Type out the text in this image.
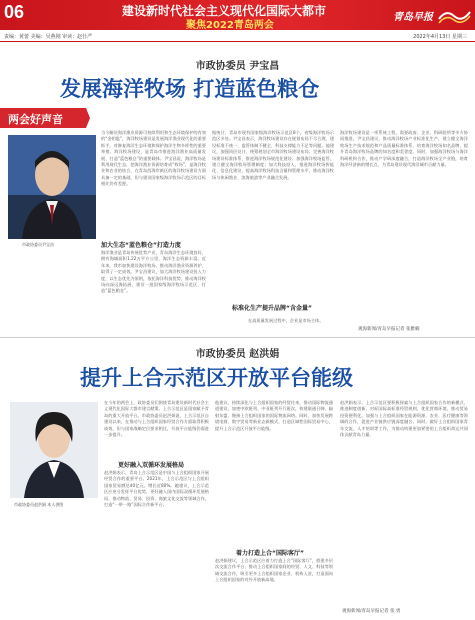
06	建设新时代社会主义现代化国际大都市
聚焦2022青岛两会
青岛早报
责编：黄蕾 美编：吴燕刚 审读：赵仕严	2022年4月13日 星期三
市政协委员 尹宝昌
发展海洋牧场 打造蓝色粮仓
两会好声音
市政协委员尹宝昌
当今解决海洋渔业资源可持续利用和生态环境保护的有效的“金钥匙”，海洋牧场建设是发展海洋渔业现代化的重要抓手，对修复海洋生态环境和保护海洋生物多样性的重要举措。海洋牧场建设，是青岛市推进海洋渔业高质量发展、打造“蓝色粮仓”的重要载体。尹宝昌说，海洋牧场是利用现代生态，把海洋渔业资源培育成“牧场”，是海洋牧业和农业的结合，在青岛西海岸新区的海洋牧场建设方面具备一定的基础，但与建设国家级海洋牧场示范区的目标相比仍有差距。
加大生态“蓝色粮仓”打造力度
海洋渔业是青岛传统优势产业，青岛海洋生态环境良好，拥有海域面积1.22万平方公里，海洋生态资源丰富。近年来，我市加快建设海洋牧场，推动海洋渔业资源养护，取得了一定成效。尹宝昌建议，加大海洋牧场建设投入力度，以生态优先为原则，依托海洋科技优势，推动海洋牧场向深远海拓展，建设一批国家级海洋牧场示范区，打造“蓝色粮仓”。
据统计，青岛市现有国家级海洋牧场示范区8个，省级海洋牧场示范区多处。尹宝昌表示，海洋牧场建设存在规划布局不尽合理、建设标准不统一、监管体制不健全、科技支撑能力不足等问题。他建议，加强顶层设计，统筹规划全市海洋牧场建设布局；完善海洋牧场建设标准体系，推进海洋牧场规范化建设；加强海洋牧场监管，建立健全海洋牧场管理制度；加大科技投入，推进海洋牧场智能化、信息化建设，提高海洋牧场科技含量和管理水平，推动海洋牧场与休闲渔业、滨海旅游等产业融合发展。
标准化生产提升品牌“含金量”
在高质量发展过程中，企业是市场主体。
海洋牧场建设是一项系统工程，需要政府、企业、科研院所等多方协同推进。尹宝昌建议，推动海洋牧场产业标准化生产，建立健全海洋牧场生产技术规范和产品质量标准体系，培育海洋牧场知名品牌，提升青岛海洋牧场品牌的知名度和美誉度。同时，加强海洋牧场与海洋科研机构合作，推动产学研深度融合，打造海洋牧场全产业链，培育海洋经济新的增长点，为青岛建设现代海洋城市贡献力量。
观海新闻/青岛早报记者 张雅楠
市政协委员 赵洪娟
提升上合示范区开放平台能级
市政协委员赵洪娟 本人供图
在今年的两会上，政协委员们围绕青岛建设新时代社会主义现代化国际大都市建言献策。上合示范区是国家赋予青岛的重大开放平台。市政协委员赵洪娟说，上合示范区自建设以来，在推动与上合组织国家经贸合作方面取得积极成效，但与国家战略定位要求相比，开放平台能级仍需进一步提升。
更好融入双循环发展格局
赵洪娟表示，青岛上合示范区是中国与上合组织国家开展经贸合作的重要平台。2021年，上合示范区与上合组织国家贸易额达40亿元，增长近80%。她建议，上合示范区应充分发挥平台优势，更好融入国内国际双循环发展格局，推动物流、贸易、投资、商旅文化交流等领域合作，打造“一带一路”国际合作新平台。
他建议，持续深化与上合组织国家的经贸往来，推动国际物流通道建设，加密中欧班列、中亚班列开行班次，构建联通日韩、辐射东盟、链接上合组织国家的国际物流网络。同时，加快发展跨境电商、数字贸易等新业态新模式，打造区域性国际贸易中心，提升上合示范区开放平台能级。
着力打造上合“国际客厅”
赵洪娟建议，上合示范区应着力打造上合“国际客厅”，搭建多层次交流合作平台，推动上合组织国家间的经贸、人文、科技等领域交流合作，吸引更多上合组织国家企业、机构入驻，打造面向上合组织国家的对外开放新高地。
赵洪娟表示，上合示范区要积极探索与上合组织国家合作的新模式，推进制度创新，对标国际高标准经贸规则，优化营商环境，推动贸易投资便利化。加强与上合组织国家在能源资源、农业、医疗健康等领域的合作，促进产业链供应链深度融合。同时，做好上合组织国家青年交流、人才培训等工作，为推动构建更加紧密的上合组织命运共同体贡献青岛力量。
观海新闻/青岛早报记者 张 勇
